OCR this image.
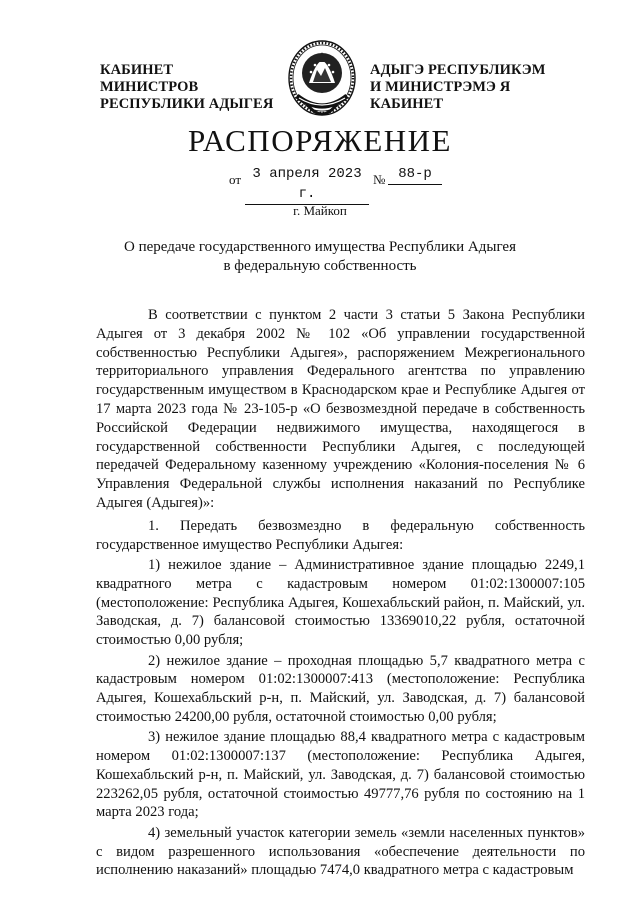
КАБИНЕТ МИНИСТРОВ
РЕСПУБЛИКИ АДЫГЕЯ
АДЫГЭ РЕСПУБЛИКЭМ
И МИНИСТРЭМЭ Я КАБИНЕТ
РАСПОРЯЖЕНИЕ
от 3 апреля 2023 г.
№ 88-р
г. Майкоп
О передаче государственного имущества Республики Адыгея
в федеральную собственность

В соответствии с пунктом 2 части 3 статьи 5 Закона Республики Адыгея от 3 декабря 2002 № 102 «Об управлении государственной собственностью Республики Адыгея», распоряжением Межрегионального территориального управления Федерального агентства по управлению государственным имуществом в Краснодарском крае и Республике Адыгея от 17 марта 2023 года № 23-105-р «О безвозмездной передаче в собственность Российской Федерации недвижимого имущества, находящегося в государственной собственности Республики Адыгея, с последующей передачей Федеральному казенному учреждению «Колония-поселения № 6 Управления Федеральной службы исполнения наказаний по Республике Адыгея (Адыгея)»:

1. Передать безвозмездно в федеральную собственность государственное имущество Республики Адыгея:

1) нежилое здание – Административное здание площадью 2249,1 квадратного метра с кадастровым номером 01:02:1300007:105 (местоположение: Республика Адыгея, Кошехабльский район, п. Майский, ул. Заводская, д. 7) балансовой стоимостью 13369010,22 рубля, остаточной стоимостью 0,00 рубля;

2) нежилое здание – проходная площадью 5,7 квадратного метра с кадастровым номером 01:02:1300007:413 (местоположение: Республика Адыгея, Кошехабльский р-н, п. Майский, ул. Заводская, д. 7) балансовой стоимостью 24200,00 рубля, остаточной стоимостью 0,00 рубля;

3) нежилое здание площадью 88,4 квадратного метра с кадастровым номером 01:02:1300007:137 (местоположение: Республика Адыгея, Кошехабльский р-н, п. Майский, ул. Заводская, д. 7) балансовой стоимостью 223262,05 рубля, остаточной стоимостью 49777,76 рубля по состоянию на 1 марта 2023 года;

4) земельный участок категории земель «земли населенных пунктов» с видом разрешенного использования «обеспечение деятельности по исполнению наказаний» площадью 7474,0 квадратного метра с кадастровым
